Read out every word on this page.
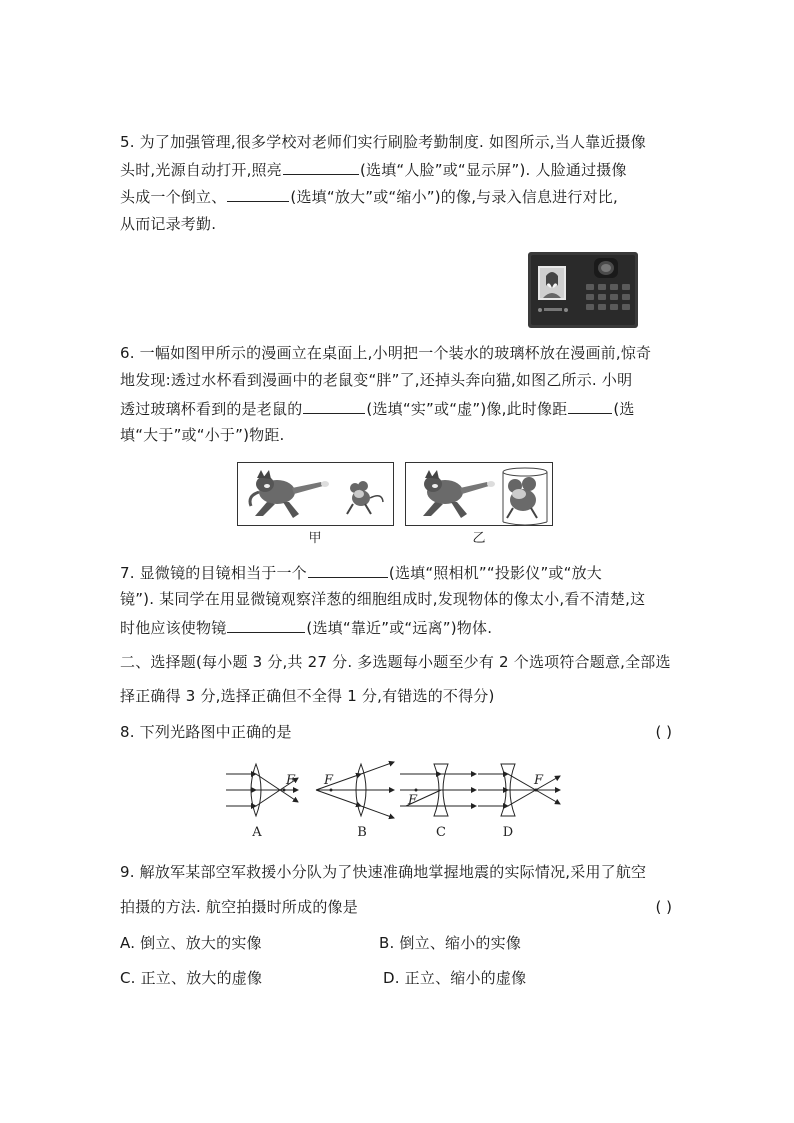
5. 为了加强管理,很多学校对老师们实行刷脸考勤制度. 如图所示,当人靠近摄像
头时,光源自动打开,照亮	(选填“人脸”或“显示屏”). 人脸通过摄像
头成一个倒立、	(选填“放大”或“缩小”)的像,与录入信息进行对比,
从而记录考勤.
6. 一幅如图甲所示的漫画立在桌面上,小明把一个装水的玻璃杯放在漫画前,惊奇
地发现:透过水杯看到漫画中的老鼠变“胖”了,还掉头奔向猫,如图乙所示. 小明
透过玻璃杯看到的是老鼠的	(选填“实”或“虚”)像,此时像距	(选
填“大于”或“小于”)物距.
甲	乙
7. 显微镜的目镜相当于一个	(选填“照相机”“投影仪”或“放大
镜”). 某同学在用显微镜观察洋葱的细胞组成时,发现物体的像太小,看不清楚,这
时他应该使物镜	(选填“靠近”或“远离”)物体.
二、选择题(每小题 3 分,共 27 分. 多选题每小题至少有 2 个选项符合题意,全部选
择正确得 3 分,选择正确但不全得 1 分,有错选的不得分)
8. 下列光路图中正确的是	( )
F F
F
F
A	B	C	D
9. 解放军某部空军救援小分队为了快速准确地掌握地震的实际情况,采用了航空
拍摄的方法. 航空拍摄时所成的像是	( )
A. 倒立、放大的实像	B. 倒立、缩小的实像
C. 正立、放大的虚像	D. 正立、缩小的虚像
